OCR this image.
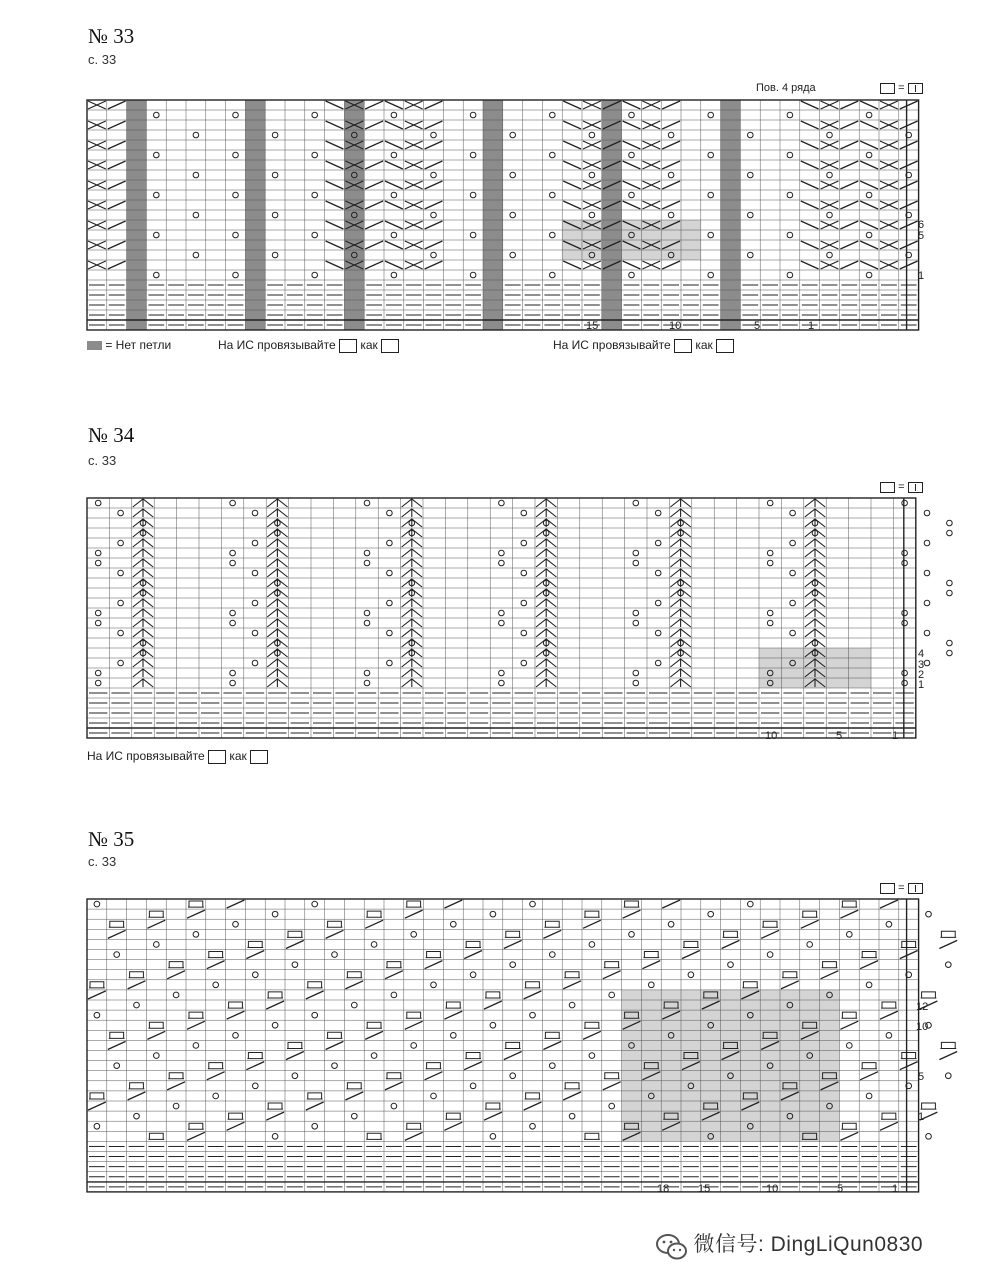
№ 33
с. 33
Пов. 4 ряда	=
6
5
1
15	10	5	1
= Нет петли	На ИС провязывайте как	На ИС провязывайте как
№ 34
с. 33
=
4
3
2
1
10	5	1
На ИС провязывайте как
№ 35
с. 33
=
12
10
5
1
18	15	10	5	1
微信号: DingLiQun0830
